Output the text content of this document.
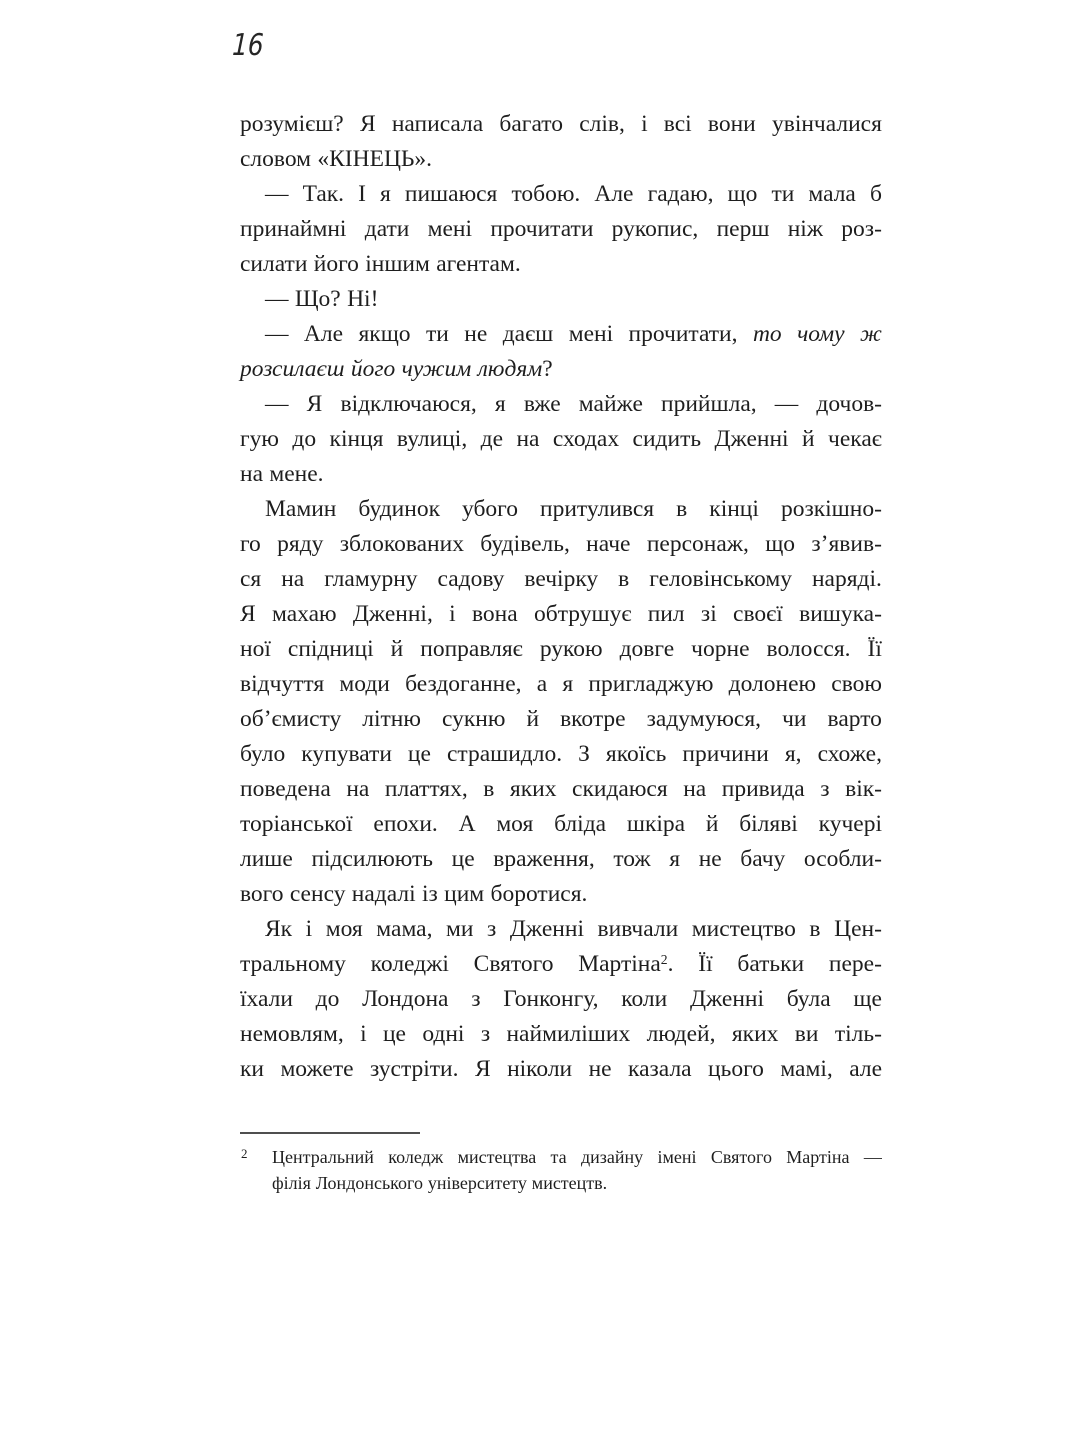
16
розумієш? Я написала багато слів, і всі вони увінчалися
словом «КІНЕЦЬ».
— Так. І я пишаюся тобою. Але гадаю, що ти мала б
принаймні дати мені прочитати рукопис, перш ніж роз-
силати його іншим агентам.
— Що? Ні!
— Але якщо ти не даєш мені прочитати, то чому ж
розсилаєш його чужим людям?
— Я відключаюся, я вже майже прийшла, — дочов-
гую до кінця вулиці, де на сходах сидить Дженні й чекає
на мене.
Мамин будинок убого притулився в кінці розкішно-
го ряду зблокованих будівель, наче персонаж, що з’явив-
ся на гламурну садову вечірку в геловінському наряді.
Я махаю Дженні, і вона обтрушує пил зі своєї вишука-
ної спідниці й поправляє рукою довге чорне волосся. Її
відчуття моди бездоганне, а я пригладжую долонею свою
об’ємисту літню сукню й вкотре задумуюся, чи варто
було купувати це страшидло. З якоїсь причини я, схоже,
поведена на платтях, в яких скидаюся на привида з вік-
торіанської епохи. А моя бліда шкіра й біляві кучері
лише підсилюють це враження, тож я не бачу особли-
вого сенсу надалі із цим боротися.
Як і моя мама, ми з Дженні вивчали мистецтво в Цен-
тральному коледжі Святого Мартіна$^2$. Її батьки пере-
їхали до Лондона з Гонконгу, коли Дженні була ще
немовлям, і це одні з наймиліших людей, яких ви тіль-
ки можете зустріти. Я ніколи не казала цього мамі, але
2 Центральний коледж мистецтва та дизайну імені Святого Мартіна —
філія Лондонського університету мистецтв.
